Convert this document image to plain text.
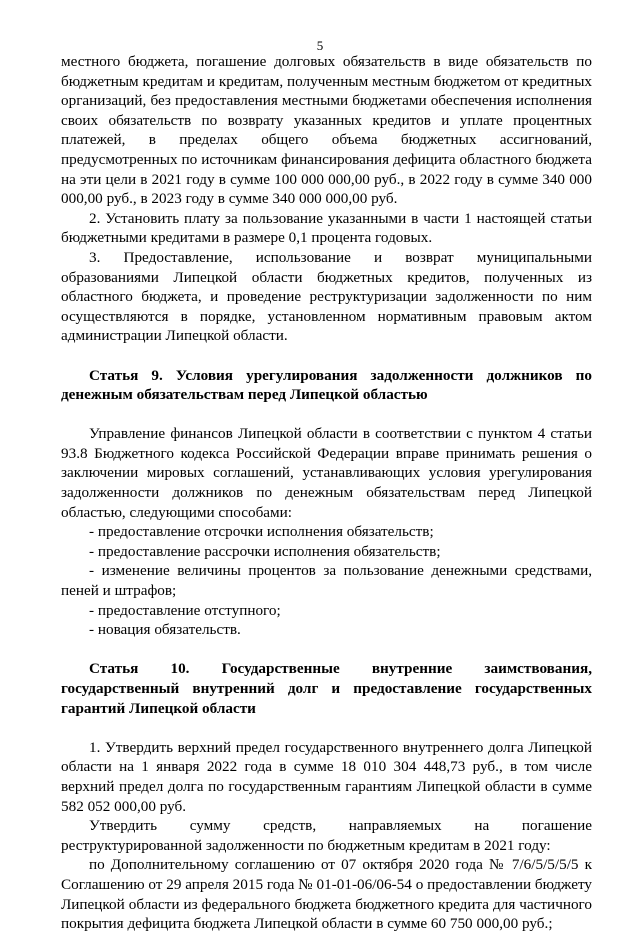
5

местного бюджета, погашение долговых обязательств в виде обязательств по бюджетным кредитам и кредитам, полученным местным бюджетом от кредитных организаций, без предоставления местными бюджетами обеспечения исполнения своих обязательств по возврату указанных кредитов и уплате процентных платежей, в пределах общего объема бюджетных ассигнований, предусмотренных по источникам финансирования дефицита областного бюджета на эти цели в 2021 году в сумме 100 000 000,00 руб., в 2022 году в сумме 340 000 000,00 руб., в 2023 году в сумме 340 000 000,00 руб.

2. Установить плату за пользование указанными в части 1 настоящей статьи бюджетными кредитами в размере 0,1 процента годовых.

3. Предоставление, использование и возврат муниципальными образованиями Липецкой области бюджетных кредитов, полученных из областного бюджета, и проведение реструктуризации задолженности по ним осуществляются в порядке, установленном нормативным правовым актом администрации Липецкой области.

Статья 9. Условия урегулирования задолженности должников по денежным обязательствам перед Липецкой областью

Управление финансов Липецкой области в соответствии с пунктом 4 статьи 93.8 Бюджетного кодекса Российской Федерации вправе принимать решения о заключении мировых соглашений, устанавливающих условия урегулирования задолженности должников по денежным обязательствам перед Липецкой областью, следующими способами:

- предоставление отсрочки исполнения обязательств;

- предоставление рассрочки исполнения обязательств;

- изменение величины процентов за пользование денежными средствами, пеней и штрафов;

- предоставление отступного;

- новация обязательств.

Статья 10. Государственные внутренние заимствования, государственный внутренний долг и предоставление государственных гарантий Липецкой области

1. Утвердить верхний предел государственного внутреннего долга Липецкой области на 1 января 2022 года в сумме 18 010 304 448,73 руб., в том числе верхний предел долга по государственным гарантиям Липецкой области в сумме 582 052 000,00 руб.

Утвердить сумму средств, направляемых на погашение реструктурированной задолженности по бюджетным кредитам в 2021 году:

по Дополнительному соглашению от 07 октября 2020 года № 7/6/5/5/5/5 к Соглашению от 29 апреля 2015 года № 01-01-06/06-54 о предоставлении бюджету Липецкой области из федерального бюджета бюджетного кредита для частичного покрытия дефицита бюджета Липецкой области в сумме 60 750 000,00 руб.;
